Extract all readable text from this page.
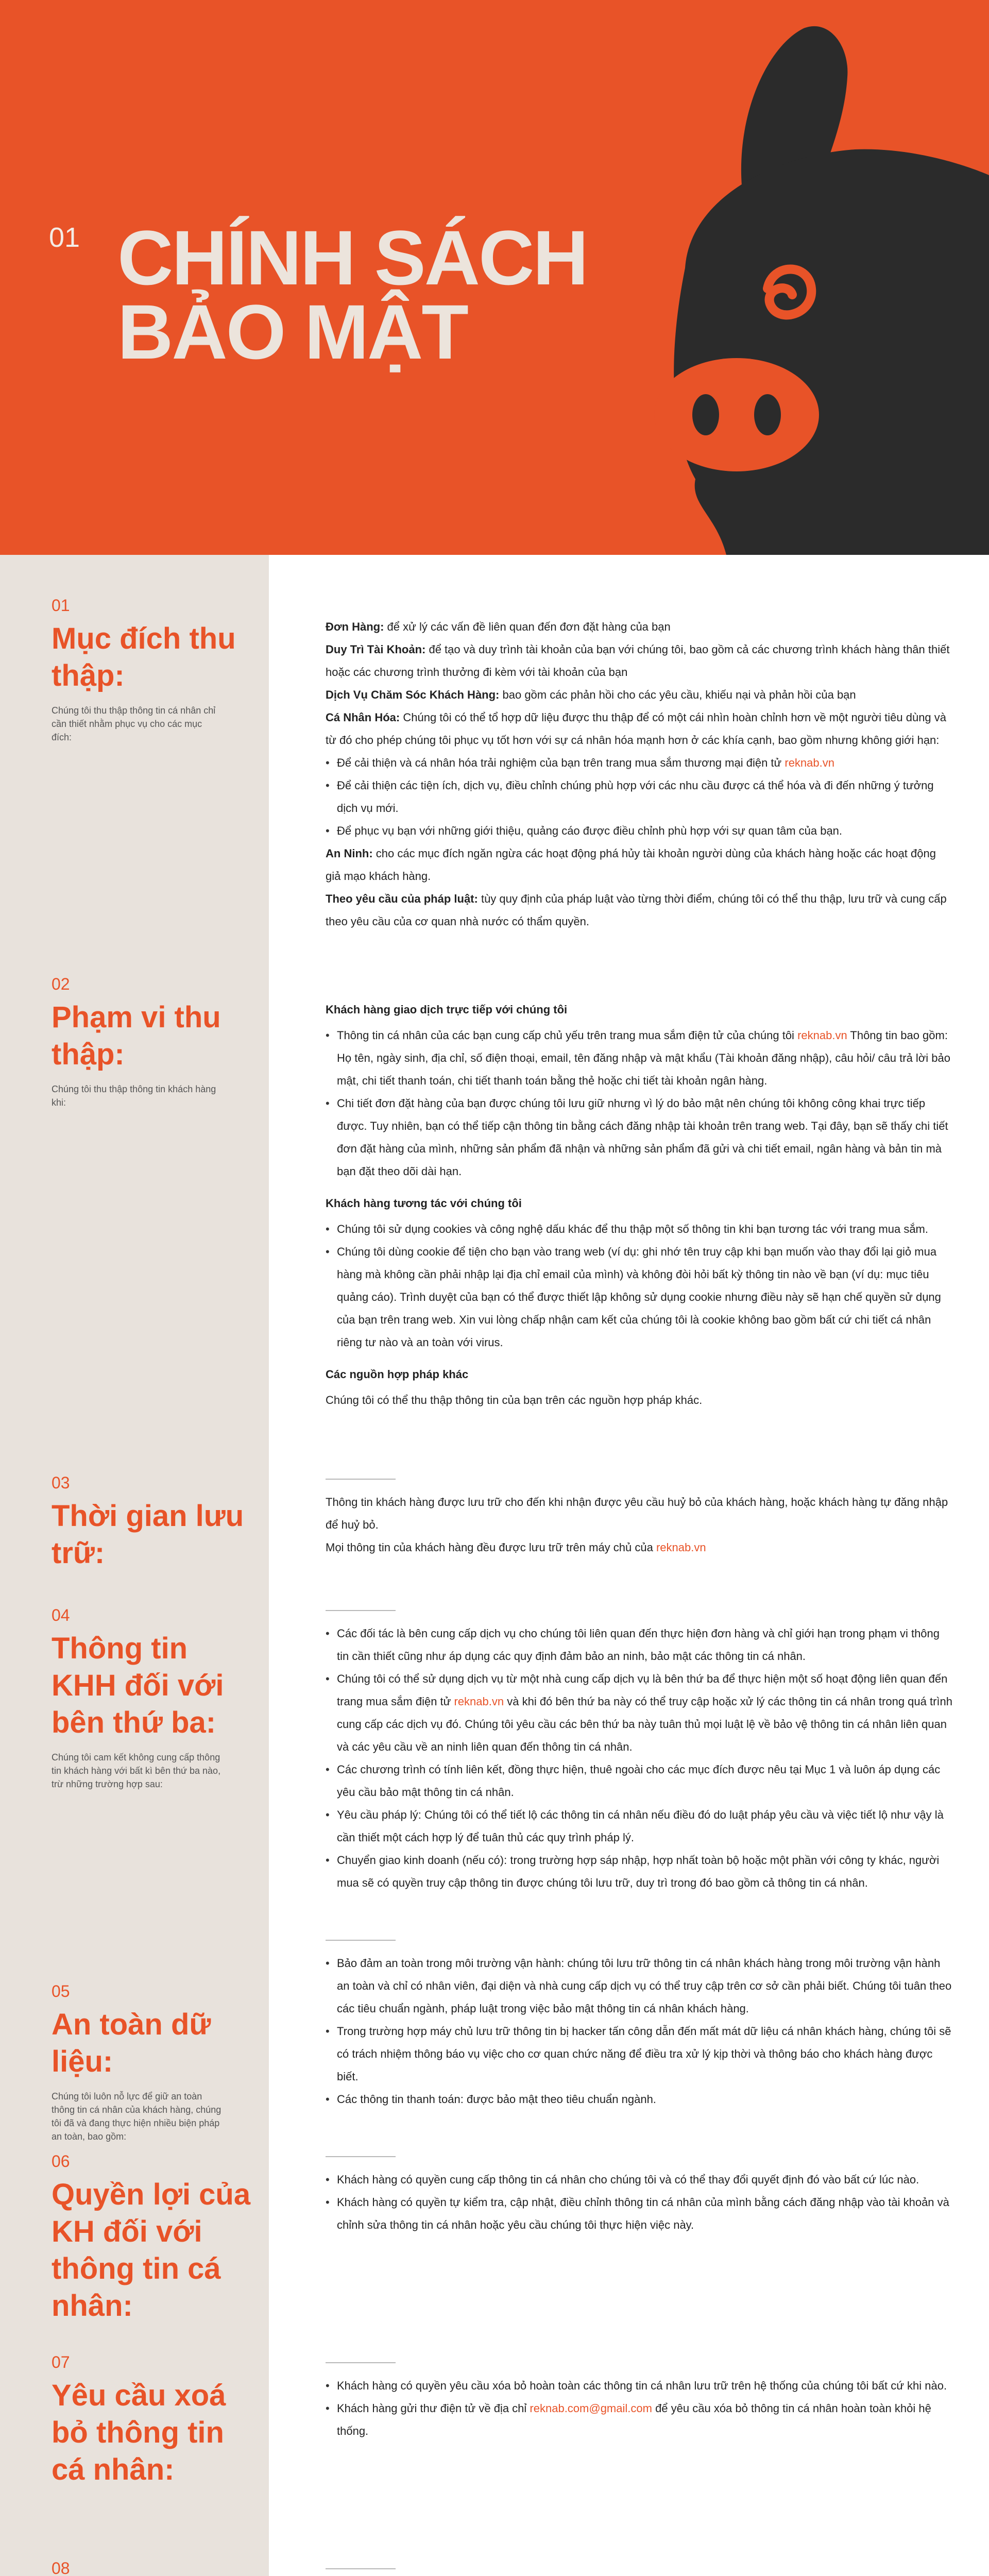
01 CHÍNH SÁCH
BẢO MẬT
01
Mục đích thu thập:
Chúng tôi thu thập thông tin cá nhân chỉ cần thiết nhằm phục vụ cho các mục đích:
02
Phạm vi thu thập:
Chúng tôi thu thập thông tin khách hàng khi:
03
Thời gian lưu trữ:
04
Thông tin KHH đối với bên thứ ba:
Chúng tôi cam kết không cung cấp thông tin khách hàng với bất kì bên thứ ba nào, trừ những trường hợp sau:
05
An toàn dữ liệu:
Chúng tôi luôn nỗ lực để giữ an toàn thông tin cá nhân của khách hàng, chúng tôi đã và đang thực hiện nhiều biện pháp an toàn, bao gồm:
06
Quyền lợi của KH đối với thông tin cá nhân:
07
Yêu cầu xoá bỏ thông tin cá nhân:
08

Đơn Hàng: để xử lý các vấn đề liên quan đến đơn đặt hàng của bạn

Duy Trì Tài Khoản: để tạo và duy trình tài khoản của bạn với chúng tôi, bao gồm cả các chương trình khách hàng thân thiết hoặc các chương trình thưởng đi kèm với tài khoản của bạn

Dịch Vụ Chăm Sóc Khách Hàng: bao gồm các phản hồi cho các yêu cầu, khiếu nại và phản hồi của bạn

Cá Nhân Hóa: Chúng tôi có thể tổ hợp dữ liệu được thu thập để có một cái nhìn hoàn chỉnh hơn về một người tiêu dùng và từ đó cho phép chúng tôi phục vụ tốt hơn với sự cá nhân hóa mạnh hơn ở các khía cạnh, bao gồm nhưng không giới hạn:

• Để cải thiện và cá nhân hóa trải nghiệm của bạn trên trang mua sắm thương mại điện tử reknab.vn
• Để cải thiện các tiện ích, dịch vụ, điều chỉnh chúng phù hợp với các nhu cầu được cá thể hóa và đi đến những ý tưởng dịch vụ mới.
• Để phục vụ bạn với những giới thiệu, quảng cáo được điều chỉnh phù hợp với sự quan tâm của bạn.

An Ninh: cho các mục đích ngăn ngừa các hoạt động phá hủy tài khoản người dùng của khách hàng hoặc các hoạt động giả mạo khách hàng.

Theo yêu cầu của pháp luật: tùy quy định của pháp luật vào từng thời điểm, chúng tôi có thể thu thập, lưu trữ và cung cấp theo yêu cầu của cơ quan nhà nước có thẩm quyền.

Khách hàng giao dịch trực tiếp với chúng tôi
• Thông tin cá nhân của các bạn cung cấp chủ yếu trên trang mua sắm điện tử của chúng tôi reknab.vn Thông tin bao gồm: Họ tên, ngày sinh, địa chỉ, số điện thoại, email, tên đăng nhập và mật khẩu (Tài khoản đăng nhập), câu hỏi/ câu trả lời bảo mật, chi tiết thanh toán, chi tiết thanh toán bằng thẻ hoặc chi tiết tài khoản ngân hàng.
• Chi tiết đơn đặt hàng của bạn được chúng tôi lưu giữ nhưng vì lý do bảo mật nên chúng tôi không công khai trực tiếp được. Tuy nhiên, bạn có thể tiếp cận thông tin bằng cách đăng nhập tài khoản trên trang web. Tại đây, bạn sẽ thấy chi tiết đơn đặt hàng của mình, những sản phẩm đã nhận và những sản phẩm đã gửi và chi tiết email, ngân hàng và bản tin mà bạn đặt theo dõi dài hạn.
Khách hàng tương tác với chúng tôi
• Chúng tôi sử dụng cookies và công nghệ dấu khác để thu thập một số thông tin khi bạn tương tác với trang mua sắm.
• Chúng tôi dùng cookie để tiện cho bạn vào trang web (ví dụ: ghi nhớ tên truy cập khi bạn muốn vào thay đổi lại giỏ mua hàng mà không cần phải nhập lại địa chỉ email của mình) và không đòi hỏi bất kỳ thông tin nào về bạn (ví dụ: mục tiêu quảng cáo). Trình duyệt của bạn có thể được thiết lập không sử dụng cookie nhưng điều này sẽ hạn chế quyền sử dụng của bạn trên trang web. Xin vui lòng chấp nhận cam kết của chúng tôi là cookie không bao gồm bất cứ chi tiết cá nhân riêng tư nào và an toàn với virus.
Các nguồn hợp pháp khác

Chúng tôi có thể thu thập thông tin của bạn trên các nguồn hợp pháp khác.

Thông tin khách hàng được lưu trữ cho đến khi nhận được yêu cầu huỷ bỏ của khách hàng, hoặc khách hàng tự đăng nhập để huỷ bỏ.

Mọi thông tin của khách hàng đều được lưu trữ trên máy chủ của reknab.vn

• Các đối tác là bên cung cấp dịch vụ cho chúng tôi liên quan đến thực hiện đơn hàng và chỉ giới hạn trong phạm vi thông tin cần thiết cũng như áp dụng các quy định đảm bảo an ninh, bảo mật các thông tin cá nhân.
• Chúng tôi có thể sử dụng dịch vụ từ một nhà cung cấp dịch vụ là bên thứ ba để thực hiện một số hoạt động liên quan đến trang mua sắm điện tử reknab.vn và khi đó bên thứ ba này có thể truy cập hoặc xử lý các thông tin cá nhân trong quá trình cung cấp các dịch vụ đó. Chúng tôi yêu cầu các bên thứ ba này tuân thủ mọi luật lệ về bảo vệ thông tin cá nhân liên quan và các yêu cầu về an ninh liên quan đến thông tin cá nhân.
• Các chương trình có tính liên kết, đồng thực hiện, thuê ngoài cho các mục đích được nêu tại Mục 1 và luôn áp dụng các yêu cầu bảo mật thông tin cá nhân.
• Yêu cầu pháp lý: Chúng tôi có thể tiết lộ các thông tin cá nhân nếu điều đó do luật pháp yêu cầu và việc tiết lộ như vậy là cần thiết một cách hợp lý để tuân thủ các quy trình pháp lý.
• Chuyển giao kinh doanh (nếu có): trong trường hợp sáp nhập, hợp nhất toàn bộ hoặc một phần với công ty khác, người mua sẽ có quyền truy cập thông tin được chúng tôi lưu trữ, duy trì trong đó bao gồm cả thông tin cá nhân.
• Bảo đảm an toàn trong môi trường vận hành: chúng tôi lưu trữ thông tin cá nhân khách hàng trong môi trường vận hành an toàn và chỉ có nhân viên, đại diện và nhà cung cấp dịch vụ có thể truy cập trên cơ sở cần phải biết. Chúng tôi tuân theo các tiêu chuẩn ngành, pháp luật trong việc bảo mật thông tin cá nhân khách hàng.
• Trong trường hợp máy chủ lưu trữ thông tin bị hacker tấn công dẫn đến mất mát dữ liệu cá nhân khách hàng, chúng tôi sẽ có trách nhiệm thông báo vụ việc cho cơ quan chức năng để điều tra xử lý kịp thời và thông báo cho khách hàng được biết.
• Các thông tin thanh toán: được bảo mật theo tiêu chuẩn ngành.
• Khách hàng có quyền cung cấp thông tin cá nhân cho chúng tôi và có thể thay đổi quyết định đó vào bất cứ lúc nào.
• Khách hàng có quyền tự kiểm tra, cập nhật, điều chỉnh thông tin cá nhân của mình bằng cách đăng nhập vào tài khoản và chỉnh sửa thông tin cá nhân hoặc yêu cầu chúng tôi thực hiện việc này.
• Khách hàng có quyền yêu cầu xóa bỏ hoàn toàn các thông tin cá nhân lưu trữ trên hệ thống của chúng tôi bất cứ khi nào.
• Khách hàng gửi thư điện tử về địa chỉ reknab.com@gmail.com để yêu cầu xóa bỏ thông tin cá nhân hoàn toàn khỏi hệ thống.
